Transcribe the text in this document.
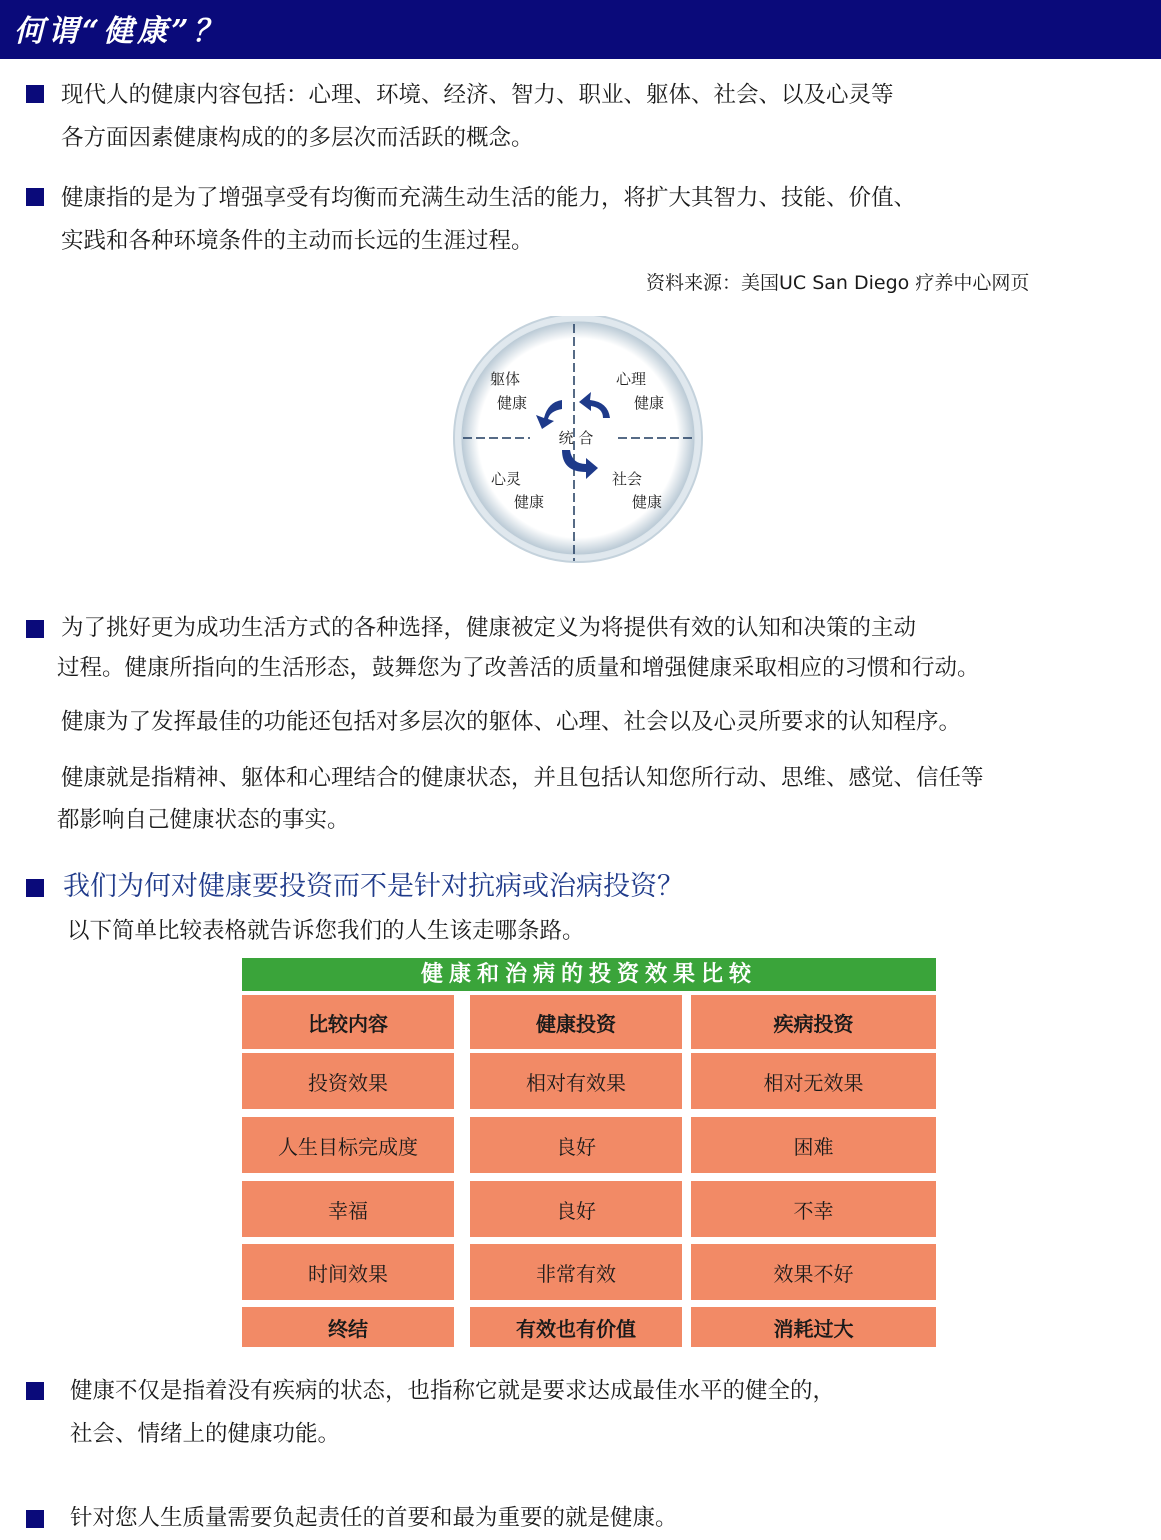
何谓“健康”？
现代人的健康内容包括：心理、环境、经济、智力、职业、躯体、社会、以及心灵等
各方面因素健康构成的的多层次而活跃的概念。
健康指的是为了增强享受有均衡而充满生动生活的能力，将扩大其智力、技能、价值、
实践和各种环境条件的主动而长远的生涯过程。
资料来源：美国UC San Diego 疗养中心网页
统 合
躯体
健康
心理
健康
心灵
健康
社会
健康
为了挑好更为成功生活方式的各种选择，健康被定义为将提供有效的认知和决策的主动
过程。健康所指向的生活形态，鼓舞您为了改善活的质量和增强健康采取相应的习惯和行动。
健康为了发挥最佳的功能还包括对多层次的躯体、心理、社会以及心灵所要求的认知程序。
健康就是指精神、躯体和心理结合的健康状态，并且包括认知您所行动、思维、感觉、信任等
都影响自己健康状态的事实。
我们为何对健康要投资而不是针对抗病或治病投资？
以下简单比较表格就告诉您我们的人生该走哪条路。
健康和治病的投资效果比较
比较内容	健康投资	疾病投资
投资效果	相对有效果	相对无效果
人生目标完成度	良好	困难
幸福	良好	不幸
时间效果	非常有效	效果不好
终结	有效也有价值	消耗过大
健康不仅是指着没有疾病的状态，也指称它就是要求达成最佳水平的健全的，
社会、情绪上的健康功能。
针对您人生质量需要负起责任的首要和最为重要的就是健康。
